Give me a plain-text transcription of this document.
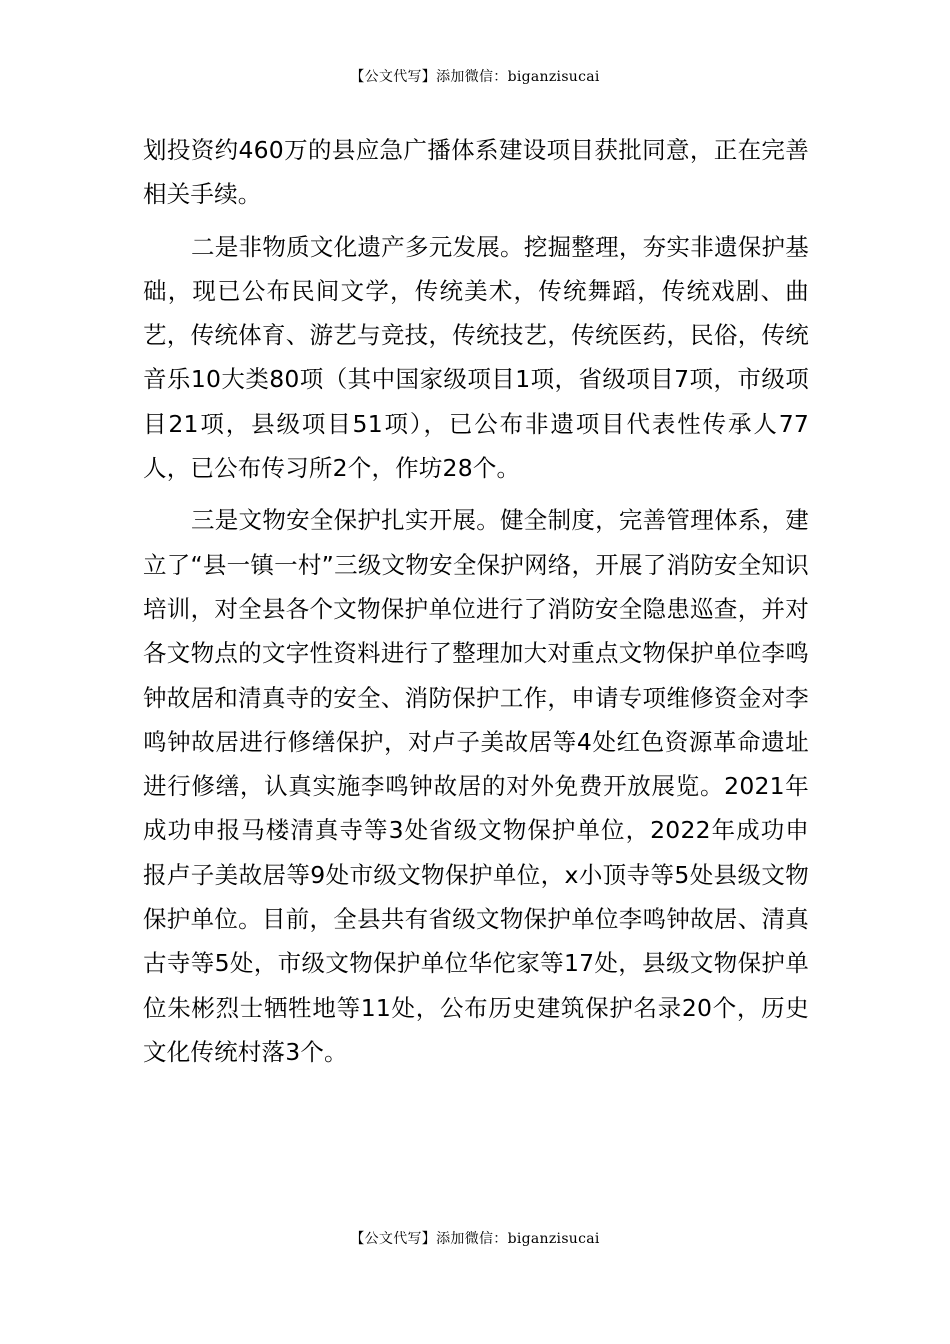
【公文代写】添加微信：biganzisucai

划投资约460万的县应急广播体系建设项目获批同意，正在完善相关手续。

二是非物质文化遗产多元发展。挖掘整理，夯实非遗保护基础，现已公布民间文学，传统美术，传统舞蹈，传统戏剧、曲艺，传统体育、游艺与竞技，传统技艺，传统医药，民俗，传统音乐10大类80项（其中国家级项目1项，省级项目7项，市级项目21项，县级项目51项），已公布非遗项目代表性传承人77人，已公布传习所2个，作坊28个。

三是文物安全保护扎实开展。健全制度，完善管理体系，建立了“县一镇一村”三级文物安全保护网络，开展了消防安全知识培训，对全县各个文物保护单位进行了消防安全隐患巡查，并对各文物点的文字性资料进行了整理加大对重点文物保护单位李鸣钟故居和清真寺的安全、消防保护工作，申请专项维修资金对李鸣钟故居进行修缮保护，对卢子美故居等4处红色资源革命遗址进行修缮，认真实施李鸣钟故居的对外免费开放展览。2021年成功申报马楼清真寺等3处省级文物保护单位，2022年成功申报卢子美故居等9处市级文物保护单位，x小顶寺等5处县级文物保护单位。目前，全县共有省级文物保护单位李鸣钟故居、清真古寺等5处，市级文物保护单位华佗家等17处，县级文物保护单位朱彬烈士牺牲地等11处，公布历史建筑保护名录20个，历史文化传统村落3个。

【公文代写】添加微信：biganzisucai
